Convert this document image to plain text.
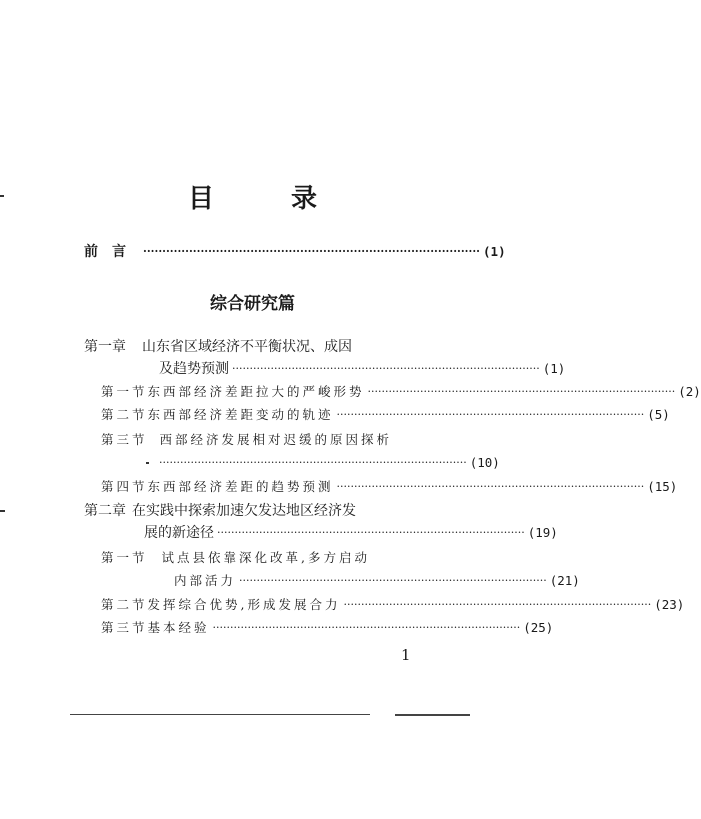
目 录
前言 ························································································ (1)
综合研究篇
第一章 山东省区域经济不平衡状况、成因
及趋势预测 ························································································ (1)
第一节 东西部经济差距拉大的严峻形势 ························································································ (2)
第二节 东西部经济差距变动的轨迹 ························································································ (5)
第三节 西部经济发展相对迟缓的原因探析
························································································ (10)
第四节 东西部经济差距的趋势预测 ························································································ (15)
第二章 在实践中探索加速欠发达地区经济发
展的新途径 ························································································ (19)
第一节 试点县依靠深化改革,多方启动
内部活力 ························································································ (21)
第二节 发挥综合优势,形成发展合力 ························································································ (23)
第三节 基本经验 ························································································ (25)
1
